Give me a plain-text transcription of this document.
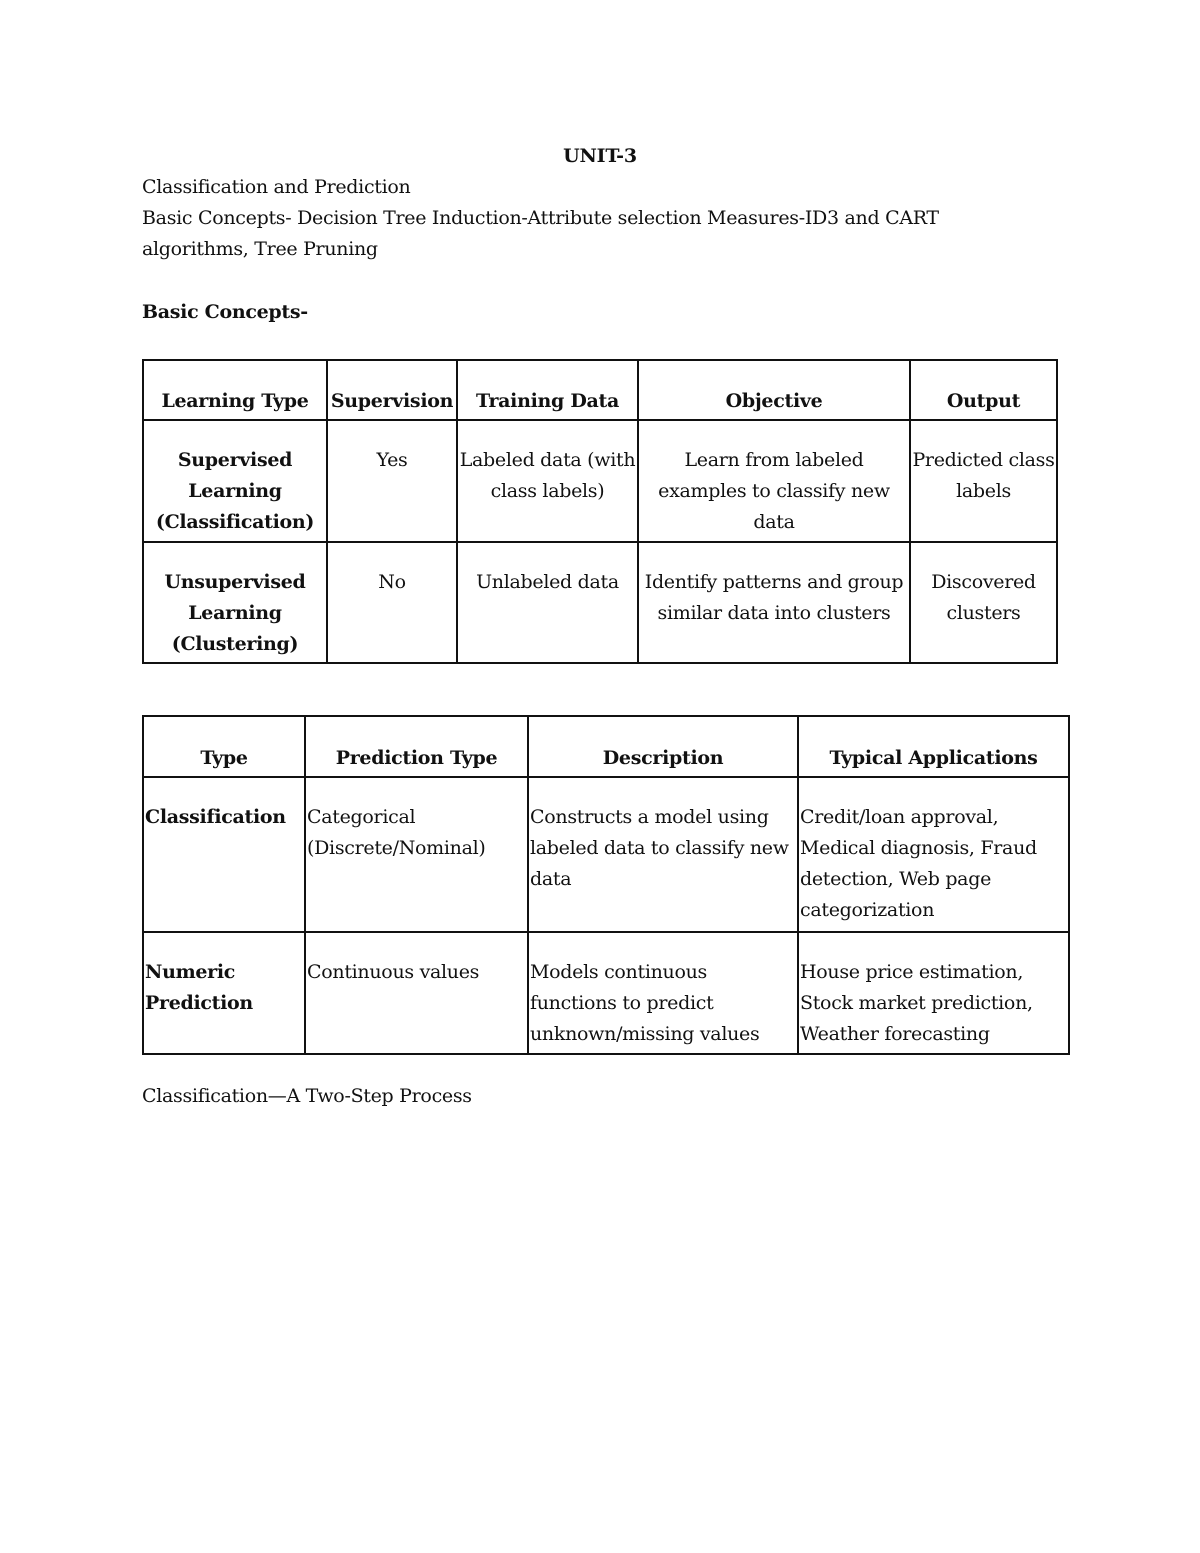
UNIT-3
Classification and Prediction
Basic Concepts- Decision Tree Induction-Attribute selection Measures-ID3 and CART
algorithms, Tree Pruning
Basic Concepts-
Learning Type	Supervision	Training Data	Objective	Output
Supervised Learning (Classification)	Yes	Labeled data (with class labels)	Learn from labeled examples to classify new data	Predicted class labels
Unsupervised Learning (Clustering)	No	Unlabeled data	Identify patterns and group similar data into clusters	Discovered clusters
Type	Prediction Type	Description	Typical Applications
Classification	Categorical (Discrete/Nominal)	Constructs a model using labeled data to classify new data	Credit/loan approval, Medical diagnosis, Fraud detection, Web page categorization
Numeric Prediction	Continuous values	Models continuous functions to predict unknown/missing values	House price estimation, Stock market prediction, Weather forecasting
Classification—A Two-Step Process
